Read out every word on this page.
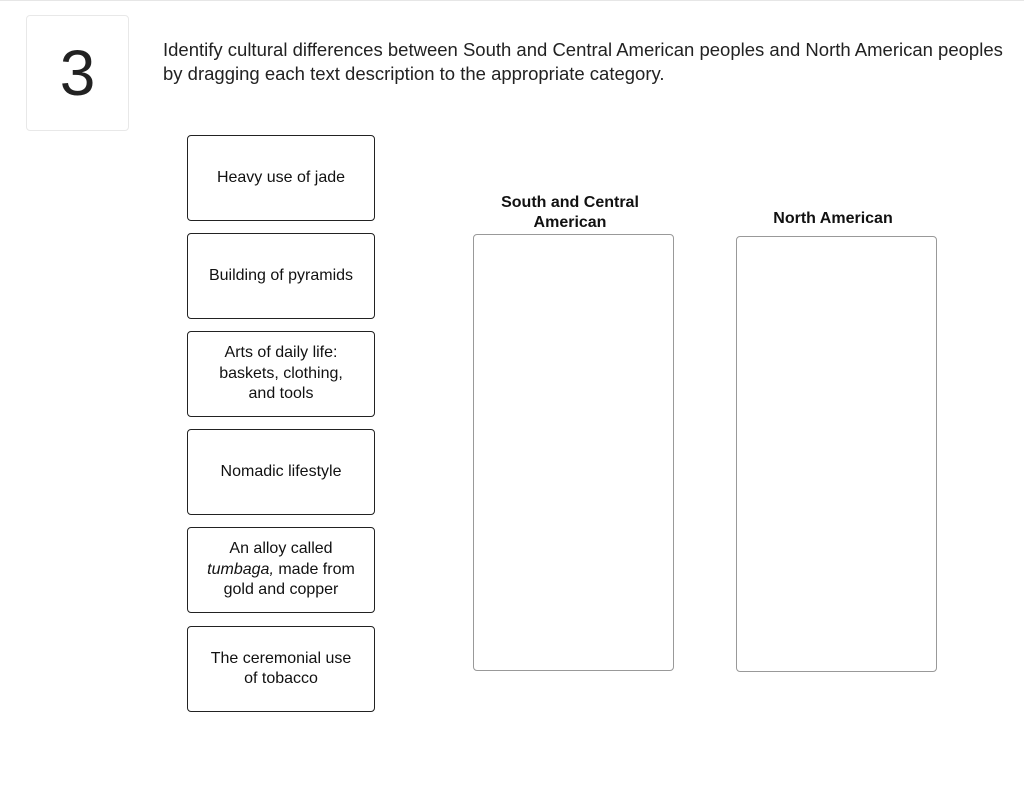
3	Identify cultural differences between South and Central American peoples and North American peoples by dragging each text description to the appropriate category.
Heavy use of jade
Building of pyramids
Arts of daily life: baskets, clothing, and tools
Nomadic lifestyle
An alloy called tumbaga, made from gold and copper
The ceremonial use of tobacco
South and Central American	North American
